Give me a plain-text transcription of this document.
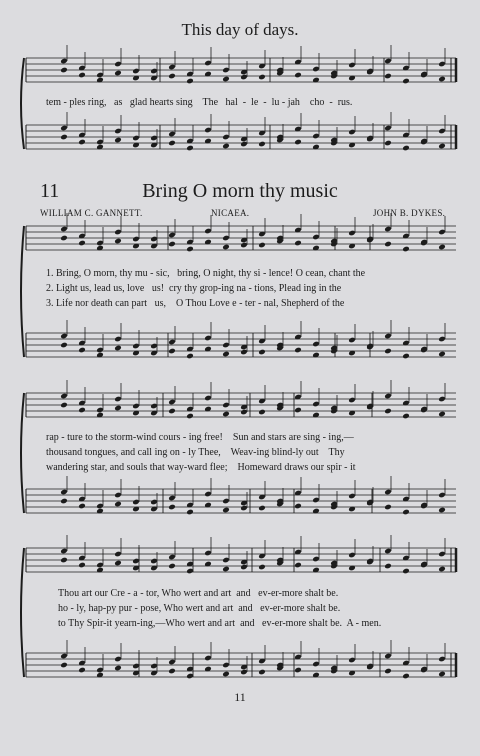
This day of days.
tem - ples ring,   as   glad hearts sing    The   hal  -  le  -  lu - jah    cho  -  rus.
11	Bring O morn thy music
WILLIAM C. GANNETT.	NICAEA.	JOHN B. DYKES.
1. Bring, O morn, thy mu - sic,   bring, O night, thy si - lence! O cean, chant the
2. Light us, lead us, love   us!  cry thy grop-ing na - tions, Plead ing in the
3. Life nor death can part   us,    O Thou Love e - ter - nal, Shepherd of the
rap - ture to the storm-wind cours - ing free!    Sun and stars are sing - ing,—
thousand tongues, and call ing on - ly Thee,    Weav-ing blind-ly out    Thy
wandering star, and souls that way-ward flee;    Homeward draws our spir - it
Thou art our Cre - a - tor, Who wert and art  and   ev-er-more shalt be.
ho - ly, hap-py pur - pose, Who wert and art  and   ev-er-more shalt be.
to Thy Spir-it yearn-ing,—Who wert and art  and   ev-er-more shalt be.  A - men.
11
